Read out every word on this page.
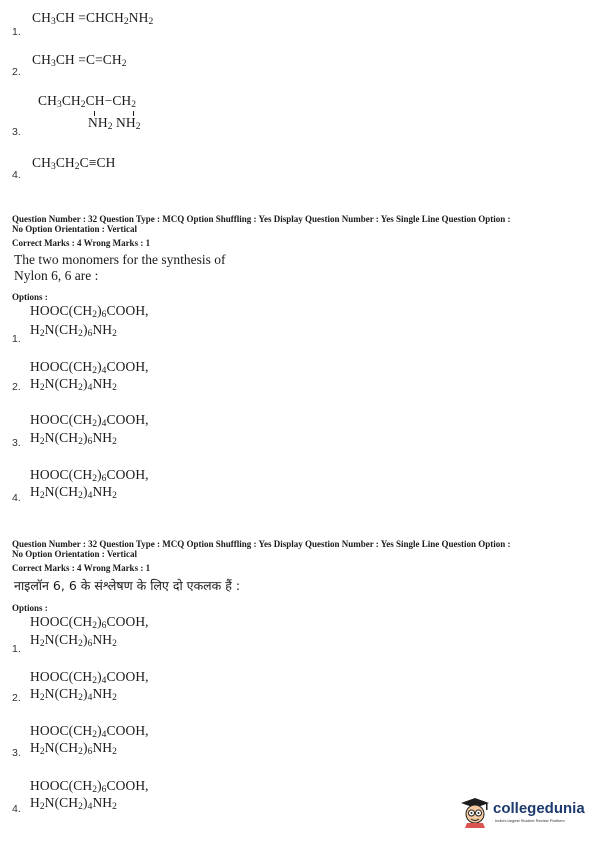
1.
$CH_3CH$ $=CHCH_2NH_2$
2.
$CH_3CH =C=CH_2$
3.
$CH_3CH_2CH-CH_2$
$NH_2$ $NH_2$
4.
$CH_3CH_2C\equiv CH$
Question Number : 32 Question Type : MCQ Option Shuffling : Yes Display Question Number : Yes Single Line Question Option :
No Option Orientation : Vertical
Correct Marks : 4 Wrong Marks : 1
The two monomers for the synthesis of
Nylon 6, 6 are :
Options :
$HOOC(CH_2)_6COOH$,
1.
$H_2N(CH_2)_6NH_2$
$HOOC(CH_2)_4COOH$,
2. $H_2N(CH_2)_4NH_2$
$HOOC(CH_2)_4COOH$,
3. $H_2N(CH_2)_6NH_2$
$HOOC(CH_2)_6COOH$,
4. $H_2N(CH_2)_4NH_2$
Question Number : 32 Question Type : MCQ Option Shuffling : Yes Display Question Number : Yes Single Line Question Option :
No Option Orientation : Vertical
Correct Marks : 4 Wrong Marks : 1
नाइलॉन 6, 6 के संश्लेषण के लिए दो एकलक हैं :
Options :
$HOOC(CH_2)_6COOH$,
1.
$H_2N(CH_2)_6NH_2$
$HOOC(CH_2)_4COOH$,
2. $H_2N(CH_2)_4NH_2$
$HOOC(CH_2)_4COOH$,
3. $H_2N(CH_2)_6NH_2$
$HOOC(CH_2)_6COOH$,
4. $H_2N(CH_2)_4NH_2$	collegedunia
India's largest Student Review Platform
